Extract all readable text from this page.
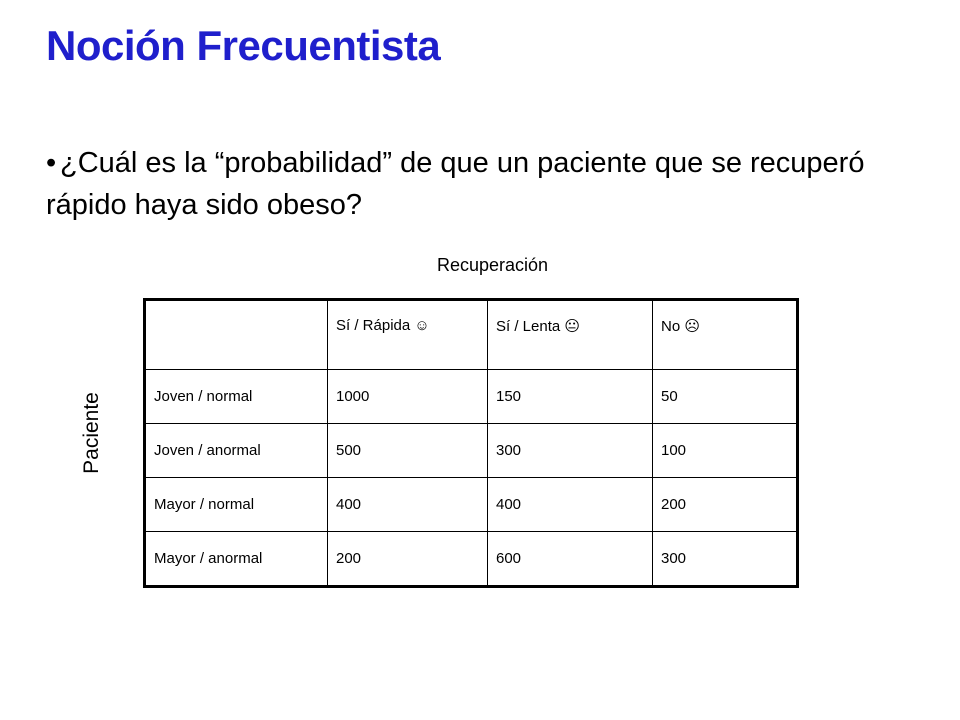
Noción Frecuentista
• ¿Cuál es la “probabilidad” de que un paciente que se recuperó rápido haya sido obeso?
Recuperación
Paciente
	Sí / Rápida ☺	Sí / Lenta 😐	No ☹
Joven / normal	1000	150	50
Joven / anormal	500	300	100
Mayor / normal	400	400	200
Mayor / anormal	200	600	300
